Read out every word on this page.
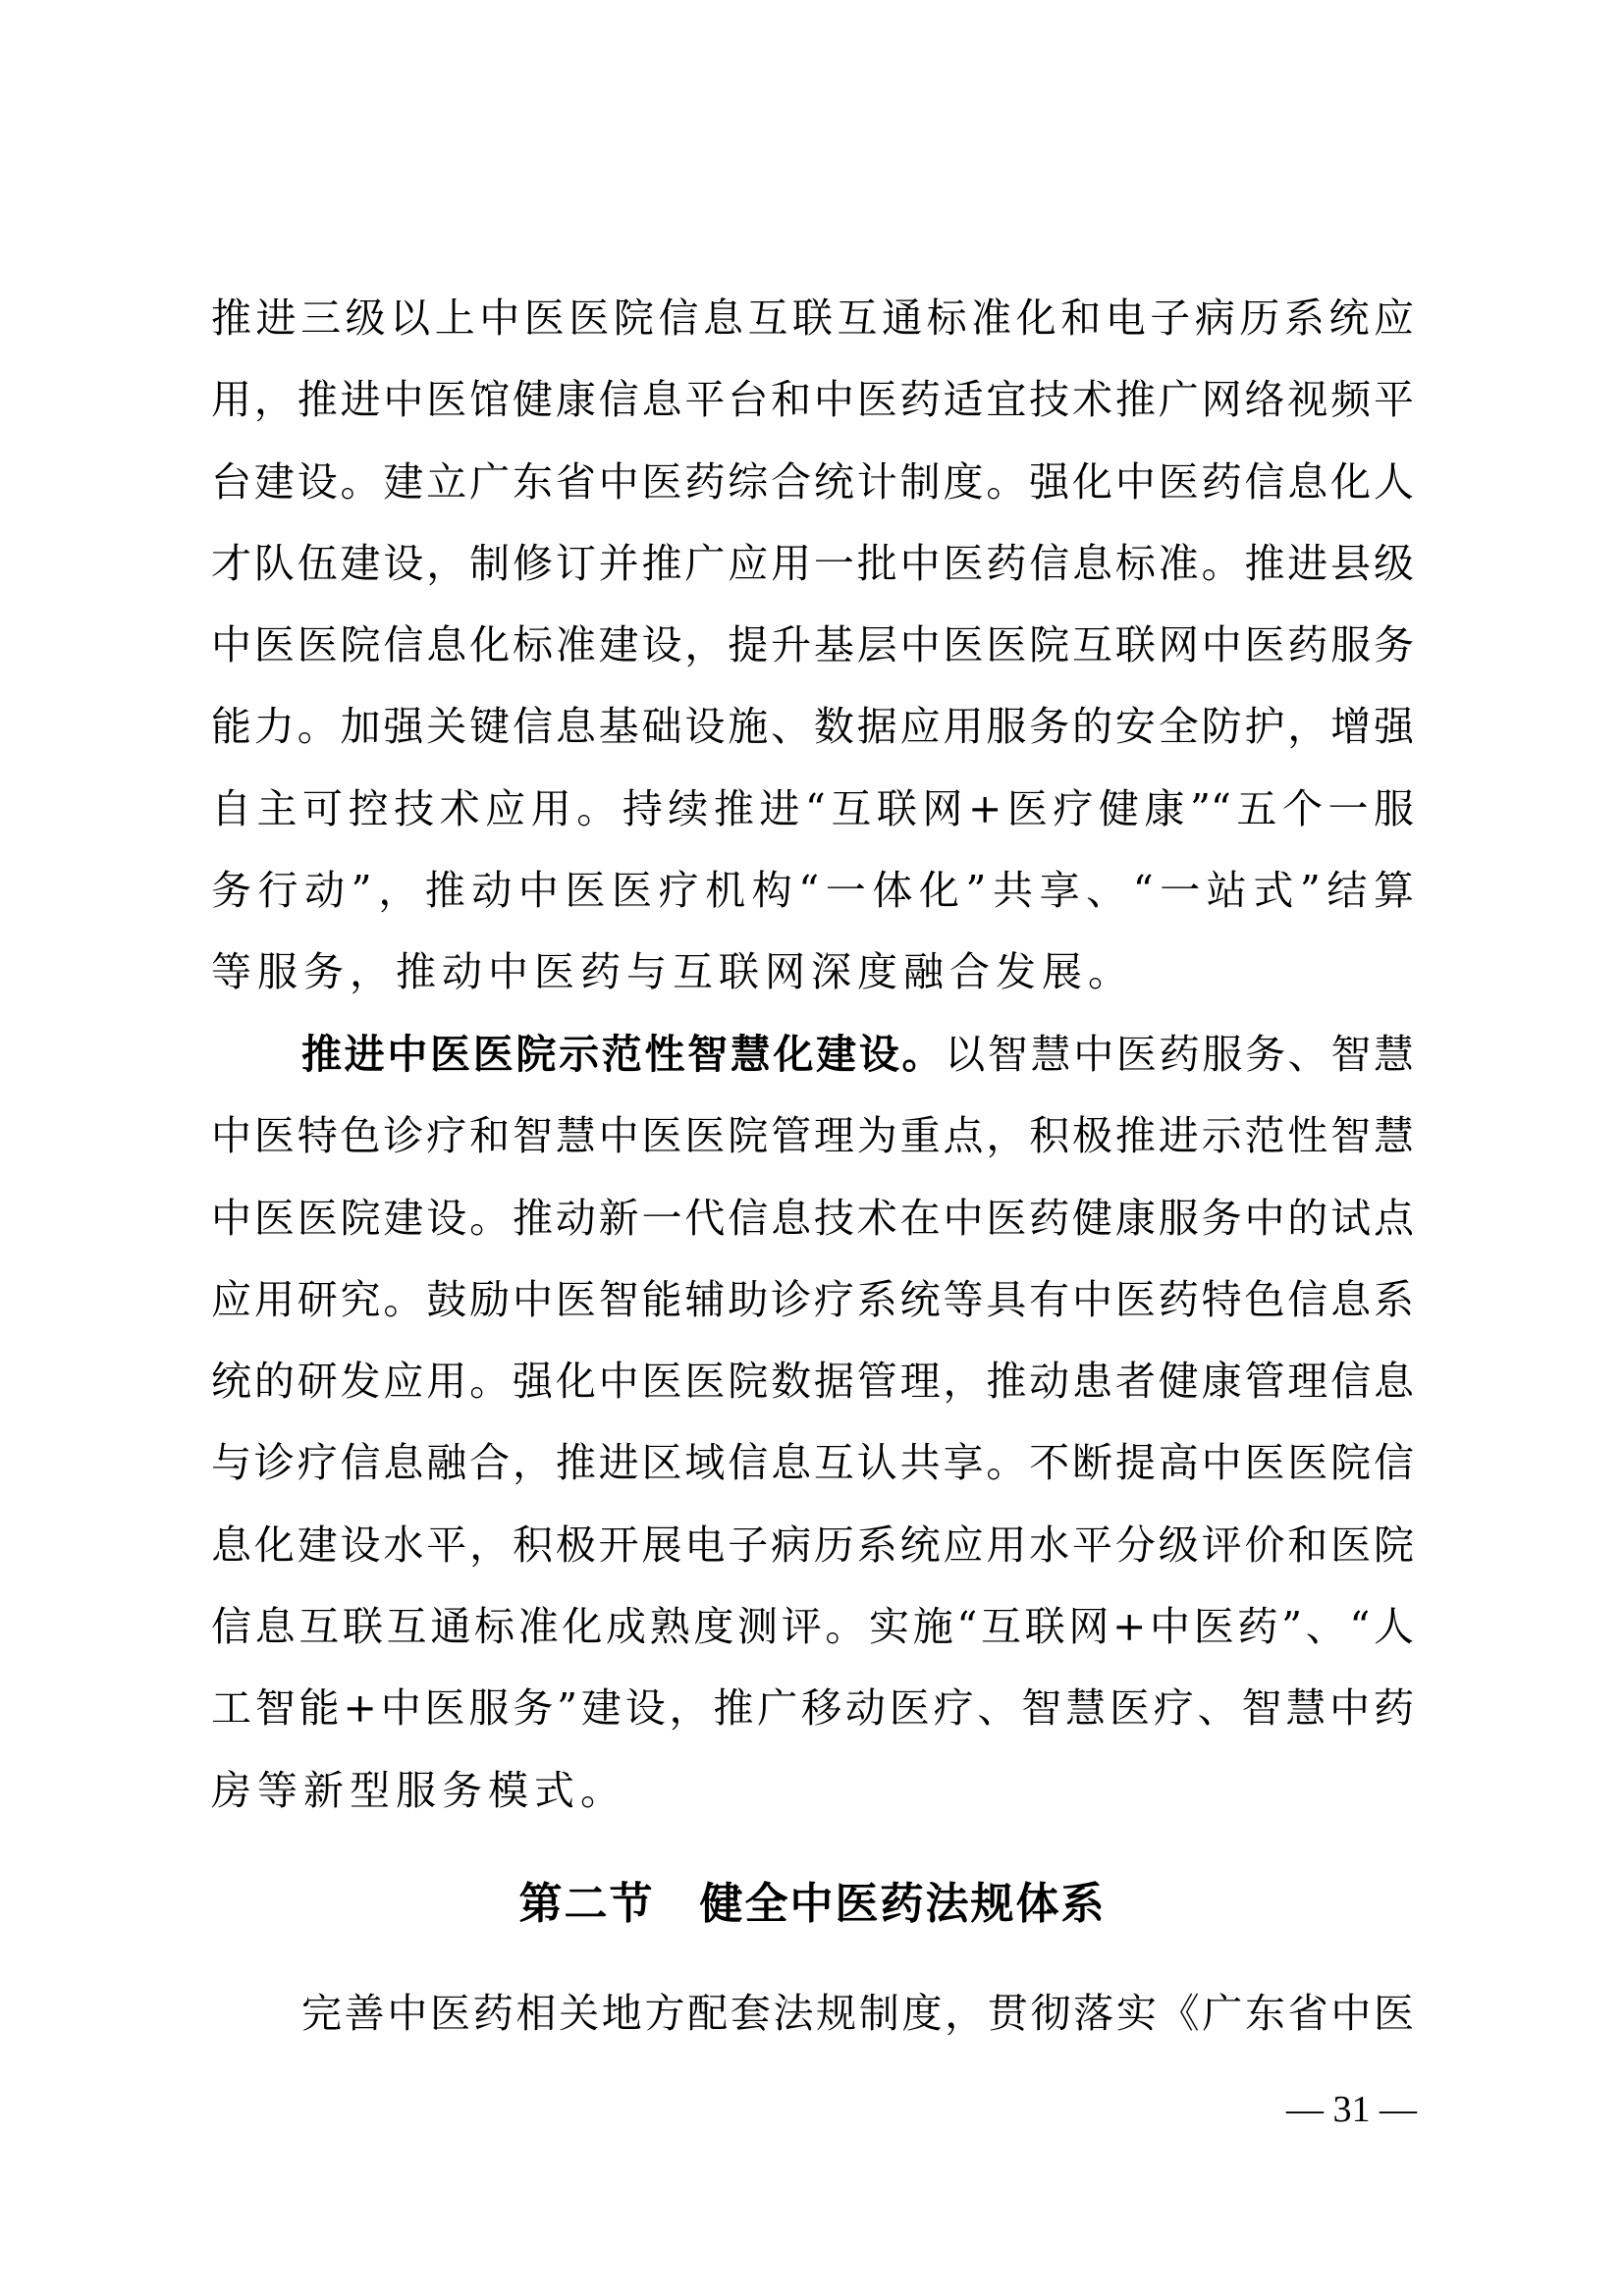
推进三级以上中医医院信息互联互通标准化和电子病历系统应
用，推进中医馆健康信息平台和中医药适宜技术推广网络视频平
台建设。建立广东省中医药综合统计制度。强化中医药信息化人
才队伍建设，制修订并推广应用一批中医药信息标准。推进县级
中医医院信息化标准建设，提升基层中医医院互联网中医药服务
能力。加强关键信息基础设施、数据应用服务的安全防护，增强
自主可控技术应用。持续推进“互联网+医疗健康”“五个一服
务行动”，推动中医医疗机构“一体化”共享、“一站式”结算
等服务，推动中医药与互联网深度融合发展。
推进中医医院示范性智慧化建设。以智慧中医药服务、智慧
中医特色诊疗和智慧中医医院管理为重点，积极推进示范性智慧
中医医院建设。推动新一代信息技术在中医药健康服务中的试点
应用研究。鼓励中医智能辅助诊疗系统等具有中医药特色信息系
统的研发应用。强化中医医院数据管理，推动患者健康管理信息
与诊疗信息融合，推进区域信息互认共享。不断提高中医医院信
息化建设水平，积极开展电子病历系统应用水平分级评价和医院
信息互联互通标准化成熟度测评。实施“互联网+中医药”、“人
工智能+中医服务”建设，推广移动医疗、智慧医疗、智慧中药
房等新型服务模式。
第二节　健全中医药法规体系
完善中医药相关地方配套法规制度，贯彻落实《广东省中医
— 31 —
